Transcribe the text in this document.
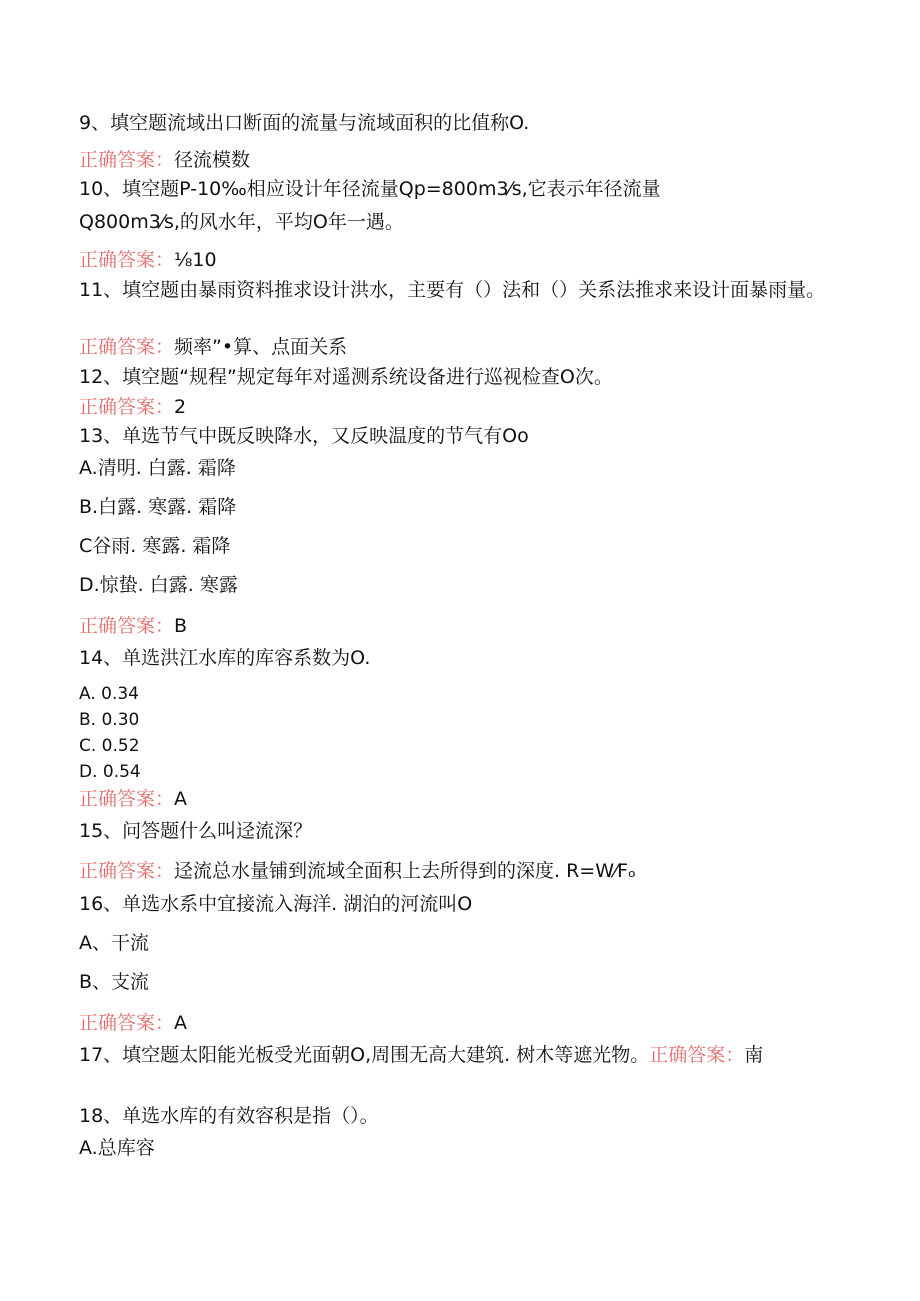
9、填空题流域出口断面的流量与流域面积的比值称O.
正确答案：径流模数
10、填空题P-10‰相应设计年径流量Qp=800m3⁄s,它表示年径流量
Q800m3⁄s,的风水年，平均O年一遇。
正确答案：⅛10
11、填空题由暴雨资料推求设计洪水，主要有（）法和（）关系法推求来设计面暴雨量。
正确答案：频率”•算、点面关系
12、填空题“规程”规定每年对遥测系统设备进行巡视检查O次。
正确答案：2
13、单选节气中既反映降水，又反映温度的节气有Oo
A.清明. 白露. 霜降
B.白露. 寒露. 霜降
C谷雨. 寒露. 霜降
D.惊蛰. 白露. 寒露
正确答案：B
14、单选洪江水库的库容系数为O.
A. 0.34
B. 0.30
C. 0.52
D. 0.54
正确答案：A
15、问答题什么叫迳流深？
正确答案：迳流总水量铺到流域全面积上去所得到的深度. R=W⁄Fₒ
16、单选水系中宜接流入海洋. 湖泊的河流叫O
A、干流
B、支流
正确答案：A
17、填空题太阳能光板受光面朝O,周围无高大建筑. 树木等遮光物。正确答案：南
18、单选水库的有效容积是指（）。
A.总库容
